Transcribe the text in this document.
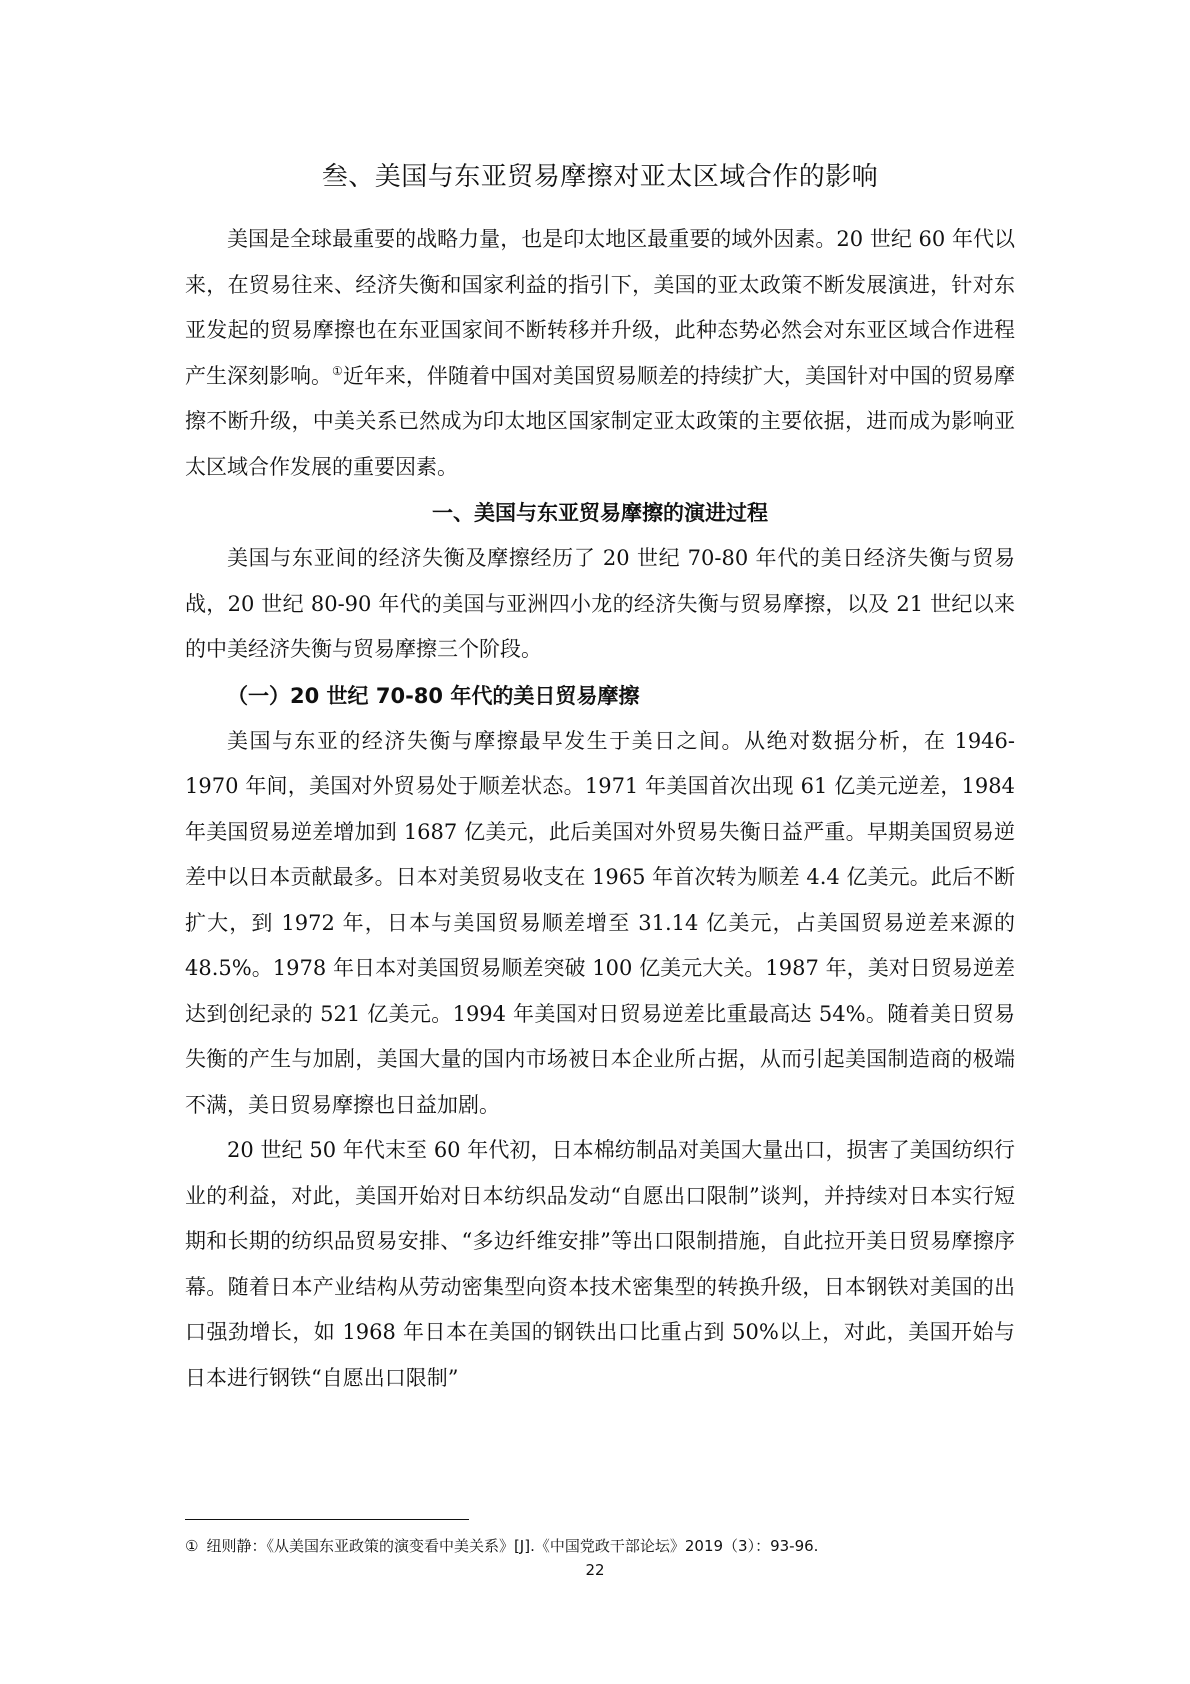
叁、美国与东亚贸易摩擦对亚太区域合作的影响

美国是全球最重要的战略力量，也是印太地区最重要的域外因素。20 世纪 60 年代以来，在贸易往来、经济失衡和国家利益的指引下，美国的亚太政策不断发展演进，针对东亚发起的贸易摩擦也在东亚国家间不断转移并升级，此种态势必然会对东亚区域合作进程产生深刻影响。①近年来，伴随着中国对美国贸易顺差的持续扩大，美国针对中国的贸易摩擦不断升级，中美关系已然成为印太地区国家制定亚太政策的主要依据，进而成为影响亚太区域合作发展的重要因素。

一、美国与东亚贸易摩擦的演进过程

美国与东亚间的经济失衡及摩擦经历了 20 世纪 70-80 年代的美日经济失衡与贸易战，20 世纪 80-90 年代的美国与亚洲四小龙的经济失衡与贸易摩擦，以及 21 世纪以来的中美经济失衡与贸易摩擦三个阶段。

（一）20 世纪 70-80 年代的美日贸易摩擦

美国与东亚的经济失衡与摩擦最早发生于美日之间。从绝对数据分析，在 1946-1970 年间，美国对外贸易处于顺差状态。1971 年美国首次出现 61 亿美元逆差，1984 年美国贸易逆差增加到 1687 亿美元，此后美国对外贸易失衡日益严重。早期美国贸易逆差中以日本贡献最多。日本对美贸易收支在 1965 年首次转为顺差 4.4 亿美元。此后不断扩大，到 1972 年，日本与美国贸易顺差增至 31.14 亿美元，占美国贸易逆差来源的 48.5%。1978 年日本对美国贸易顺差突破 100 亿美元大关。1987 年，美对日贸易逆差达到创纪录的 521 亿美元。1994 年美国对日贸易逆差比重最高达 54%。随着美日贸易失衡的产生与加剧，美国大量的国内市场被日本企业所占据，从而引起美国制造商的极端不满，美日贸易摩擦也日益加剧。

20 世纪 50 年代末至 60 年代初，日本棉纺制品对美国大量出口，损害了美国纺织行业的利益，对此，美国开始对日本纺织品发动“自愿出口限制”谈判，并持续对日本实行短期和长期的纺织品贸易安排、“多边纤维安排”等出口限制措施，自此拉开美日贸易摩擦序幕。随着日本产业结构从劳动密集型向资本技术密集型的转换升级，日本钢铁对美国的出口强劲增长，如 1968 年日本在美国的钢铁出口比重占到 50%以上，对此，美国开始与日本进行钢铁“自愿出口限制”

① 纽则静：《从美国东亚政策的演变看中美关系》[J].《中国党政干部论坛》2019（3）：93-96.
22
